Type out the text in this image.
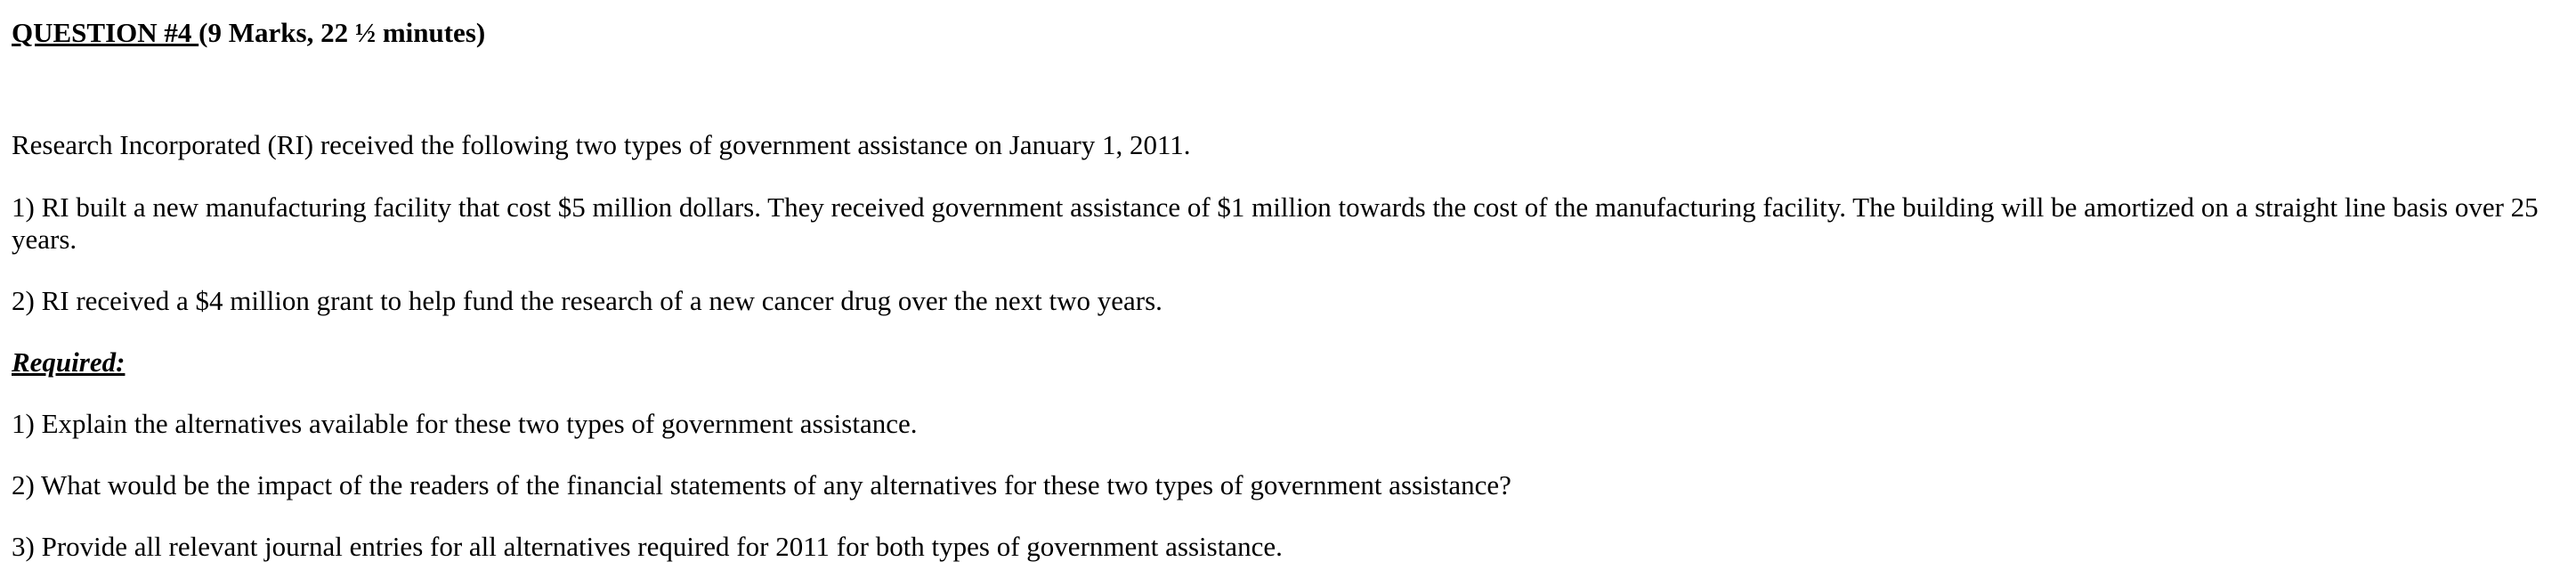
QUESTION #4 (9 Marks, 22 ½ minutes)

Research Incorporated (RI) received the following two types of government assistance on January 1, 2011.

1) RI built a new manufacturing facility that cost $5 million dollars. They received government assistance of $1 million towards the cost of the manufacturing facility. The building will be amortized on a straight line basis over 25 years.

2) RI received a $4 million grant to help fund the research of a new cancer drug over the next two years.

Required:

1) Explain the alternatives available for these two types of government assistance.

2) What would be the impact of the readers of the financial statements of any alternatives for these two types of government assistance?

3) Provide all relevant journal entries for all alternatives required for 2011 for both types of government assistance.
